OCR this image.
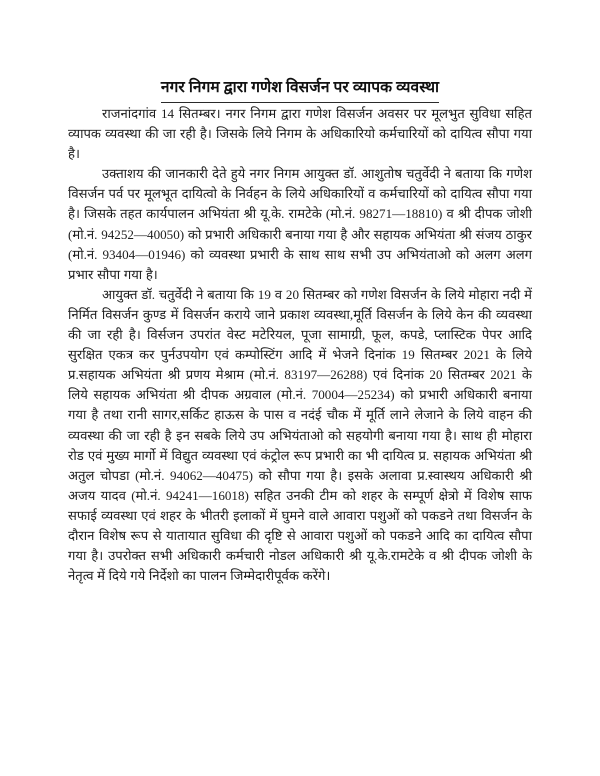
नगर निगम द्वारा गणेश विसर्जन पर व्यापक व्यवस्था

राजनांदगांव 14 सितम्बर। नगर निगम द्वारा गणेश विसर्जन अवसर पर मूलभुत सुविधा सहित व्यापक व्यवस्था की जा रही है। जिसके लिये निगम के अधिकारियो कर्मचारियों को दायित्व सौपा गया है।

उक्ताशय की जानकारी देते हुये नगर निगम आयुक्त डॉ. आशुतोष चतुर्वेदी ने बताया कि गणेश विसर्जन पर्व पर मूलभूत दायित्वो के निर्वहन के लिये अधिकारियों व कर्मचारियों को दायित्व सौपा गया है। जिसके तहत कार्यपालन अभियंता श्री यू.के. रामटेके (मो.नं. 98271—18810) व श्री दीपक जोशी (मो.नं. 94252—40050) को प्रभारी अधिकारी बनाया गया है और सहायक अभियंता श्री संजय ठाकुर (मो.नं. 93404—01946) को व्यवस्था प्रभारी के साथ साथ सभी उप अभियंताओ को अलग अलग प्रभार सौपा गया है।

आयुक्त डॉ. चतुर्वेदी ने बताया कि 19 व 20 सितम्बर को गणेश विसर्जन के लिये मोहारा नदी में निर्मित विसर्जन कुण्ड में विसर्जन कराये जाने प्रकाश व्यवस्था,मूर्ति विसर्जन के लिये केन की व्यवस्था की जा रही है। विर्सजन उपरांत वेस्ट मटेरियल, पूजा सामाग्री, फूल, कपडे, प्लास्टिक पेपर आदि सुरक्षित एकत्र कर पुर्नउपयोग एवं कम्पोस्टिंग आदि में भेजने दिनांक 19 सितम्बर 2021 के लिये प्र.सहायक अभियंता श्री प्रणय मेश्राम (मो.नं. 83197—26288) एवं दिनांक 20 सितम्बर 2021 के लिये सहायक अभियंता श्री दीपक अग्रवाल (मो.नं. 70004—25234) को प्रभारी अधिकारी बनाया गया है तथा रानी सागर,सर्किट हाऊस के पास व नदंई चौक में मूर्ति लाने लेजाने के लिये वाहन की व्यवस्था की जा रही है इन सबके लिये उप अभियंताओ को सहयोगी बनाया गया है। साथ ही मोहारा रोड एवं मुख्य मार्गो में विद्युत व्यवस्था एवं कंट्रोल रूप प्रभारी का भी दायित्व प्र. सहायक अभियंता श्री अतुल चोपडा (मो.नं. 94062—40475) को सौपा गया है। इसके अलावा प्र.स्वास्थय अधिकारी श्री अजय यादव (मो.नं. 94241—16018) सहित उनकी टीम को शहर के सम्पूर्ण क्षेत्रो में विशेष साफ सफाई व्यवस्था एवं शहर के भीतरी इलाकों में घुमने वाले आवारा पशुओं को पकडने तथा विसर्जन के दौरान विशेष रूप से यातायात सुविधा की दृष्टि से आवारा पशुओं को पकडने आदि का दायित्व सौपा गया है। उपरोक्त सभी अधिकारी कर्मचारी नोडल अधिकारी श्री यू.के.रामटेके व श्री दीपक जोशी के नेतृत्व में दिये गये निर्देशो का पालन जिम्मेदारीपूर्वक करेंगे।
